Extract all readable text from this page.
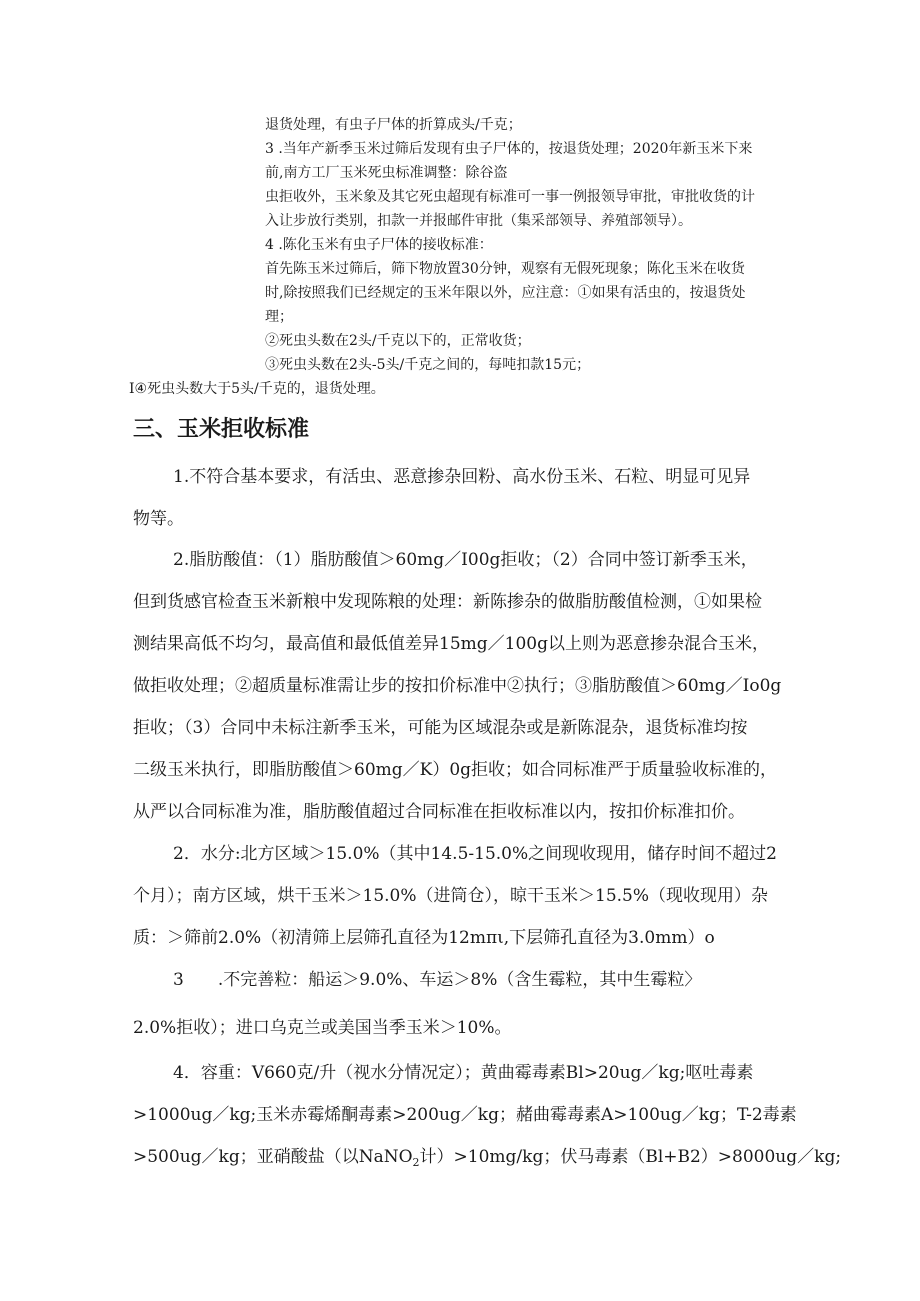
退货处理，有虫子尸体的折算成头/千克；
3 .当年产新季玉米过筛后发现有虫子尸体的，按退货处理；2020年新玉米下来
前,南方工厂玉米死虫标准调整：除谷盗
虫拒收外，玉米象及其它死虫超现有标准可一事一例报领导审批，审批收货的计
入让步放行类别，扣款一并报邮件审批（集采部领导、养殖部领导）。
4 .陈化玉米有虫子尸体的接收标准：
首先陈玉米过筛后，筛下物放置30分钟，观察有无假死现象；陈化玉米在收货
时,除按照我们已经规定的玉米年限以外，应注意：①如果有活虫的，按退货处
理；
②死虫头数在2头/千克以下的，正常收货；
③死虫头数在2头-5头/千克之间的，每吨扣款15元；
I④死虫头数大于5头/千克的，退货处理。
三、玉米拒收标准
1.不符合基本要求，有活虫、恶意掺杂回粉、高水份玉米、石粒、明显可见异
物等。
2.脂肪酸值：（1）脂肪酸值＞60mg／I00g拒收；（2）合同中签订新季玉米，
但到货感官检查玉米新粮中发现陈粮的处理：新陈掺杂的做脂肪酸值检测，①如果检
测结果高低不均匀，最高值和最低值差异15mg／100g以上则为恶意掺杂混合玉米，
做拒收处理；②超质量标准需让步的按扣价标准中②执行；③脂肪酸值＞60mg／Io0g
拒收；（3）合同中未标注新季玉米，可能为区域混杂或是新陈混杂，退货标准均按
二级玉米执行，即脂肪酸值＞60mg／K）0g拒收；如合同标准严于质量验收标准的，
从严以合同标准为准，脂肪酸值超过合同标准在拒收标准以内，按扣价标准扣价。
2．水分:北方区域＞15.0%（其中14.5-15.0%之间现收现用，储存时间不超过2
个月）；南方区域，烘干玉米＞15.0%（进筒仓），晾干玉米＞15.5%（现收现用）杂
质：＞筛前2.0%（初清筛上层筛孔直径为12mπι,下层筛孔直径为3.0mm）o
3　　.不完善粒：船运＞9.0%、车运＞8%（含生霉粒，其中生霉粒〉
2.0%拒收）；进口乌克兰或美国当季玉米＞10%。
4．容重：V660克/升（视水分情况定）；黄曲霉毒素Bl>20ug／kg;呕吐毒素
>1000ug／kg;玉米赤霉烯酮毒素>200ug／kg；赭曲霉毒素A>100ug／kg；T-2毒素
>500ug／kg；亚硝酸盐（以NaNO$_2$计）>10mg/kg；伏马毒素（Bl+B2）>8000ug／kg;
